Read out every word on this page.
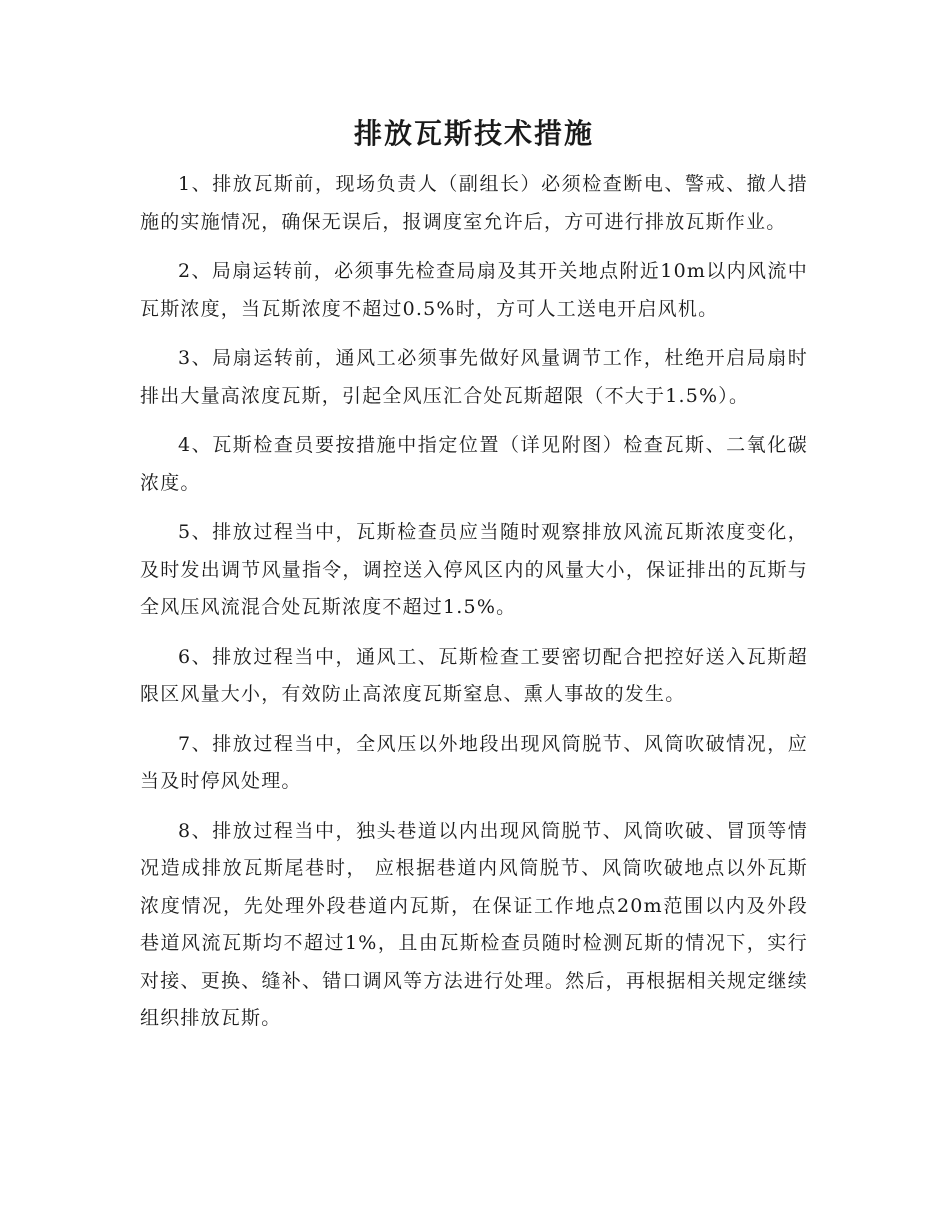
排放瓦斯技术措施

1、排放瓦斯前，现场负责人（副组长）必须检查断电、警戒、撤人措施的实施情况，确保无误后，报调度室允许后，方可进行排放瓦斯作业。

2、局扇运转前，必须事先检查局扇及其开关地点附近10m以内风流中瓦斯浓度，当瓦斯浓度不超过0.5%时，方可人工送电开启风机。

3、局扇运转前，通风工必须事先做好风量调节工作，杜绝开启局扇时排出大量高浓度瓦斯，引起全风压汇合处瓦斯超限（不大于1.5%）。

4、瓦斯检查员要按措施中指定位置（详见附图）检查瓦斯、二氧化碳浓度。

5、排放过程当中，瓦斯检查员应当随时观察排放风流瓦斯浓度变化，及时发出调节风量指令，调控送入停风区内的风量大小，保证排出的瓦斯与全风压风流混合处瓦斯浓度不超过1.5%。

6、排放过程当中，通风工、瓦斯检查工要密切配合把控好送入瓦斯超限区风量大小，有效防止高浓度瓦斯窒息、熏人事故的发生。

7、排放过程当中，全风压以外地段出现风筒脱节、风筒吹破情况，应当及时停风处理。

8、排放过程当中，独头巷道以内出现风筒脱节、风筒吹破、冒顶等情况造成排放瓦斯尾巷时， 应根据巷道内风筒脱节、风筒吹破地点以外瓦斯浓度情况，先处理外段巷道内瓦斯，在保证工作地点20m范围以内及外段巷道风流瓦斯均不超过1%，且由瓦斯检查员随时检测瓦斯的情况下，实行对接、更换、缝补、错口调风等方法进行处理。然后，再根据相关规定继续组织排放瓦斯。
